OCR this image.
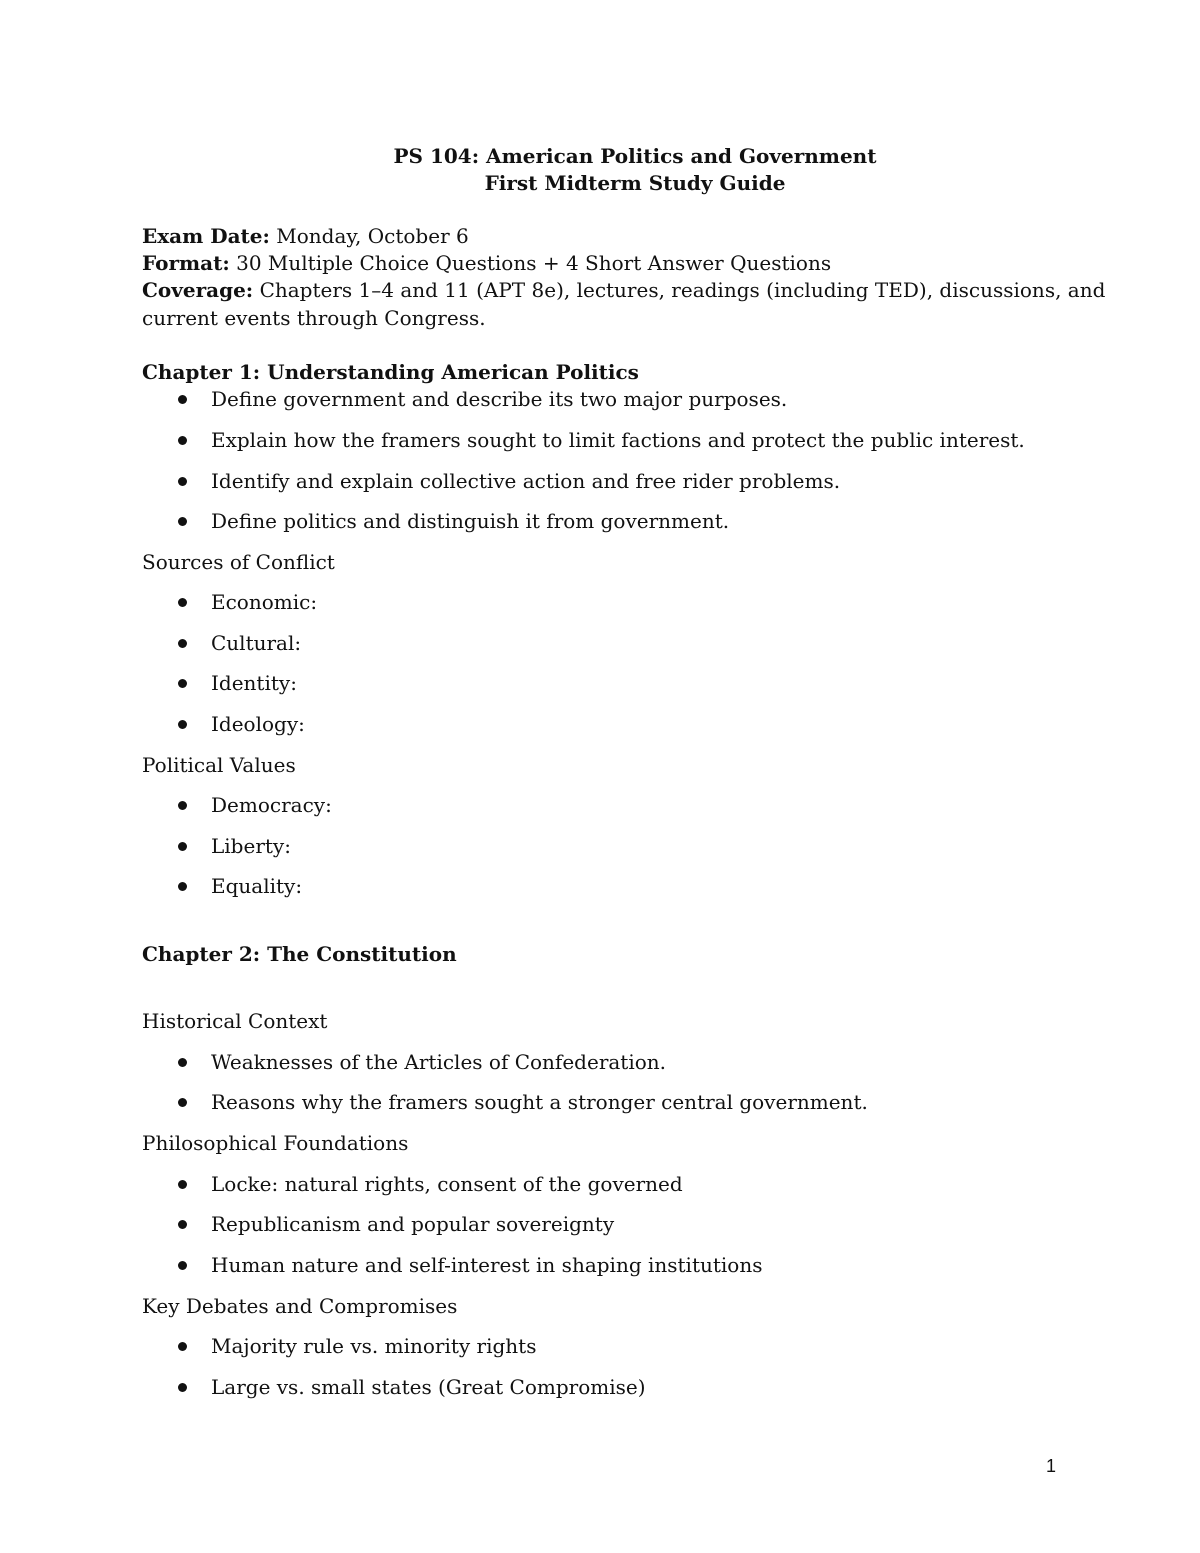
PS 104: American Politics and Government
First Midterm Study Guide
Exam Date: Monday, October 6
Format: 30 Multiple Choice Questions + 4 Short Answer Questions
Coverage: Chapters 1–4 and 11 (APT 8e), lectures, readings (including TED), discussions, and
current events through Congress.
Chapter 1: Understanding American Politics
Define government and describe its two major purposes.
Explain how the framers sought to limit factions and protect the public interest.
Identify and explain collective action and free rider problems.
Define politics and distinguish it from government.
Sources of Conflict
Economic:
Cultural:
Identity:
Ideology:
Political Values
Democracy:
Liberty:
Equality:
Chapter 2: The Constitution
Historical Context
Weaknesses of the Articles of Confederation.
Reasons why the framers sought a stronger central government.
Philosophical Foundations
Locke: natural rights, consent of the governed
Republicanism and popular sovereignty
Human nature and self-interest in shaping institutions
Key Debates and Compromises
Majority rule vs. minority rights
Large vs. small states (Great Compromise)
1
